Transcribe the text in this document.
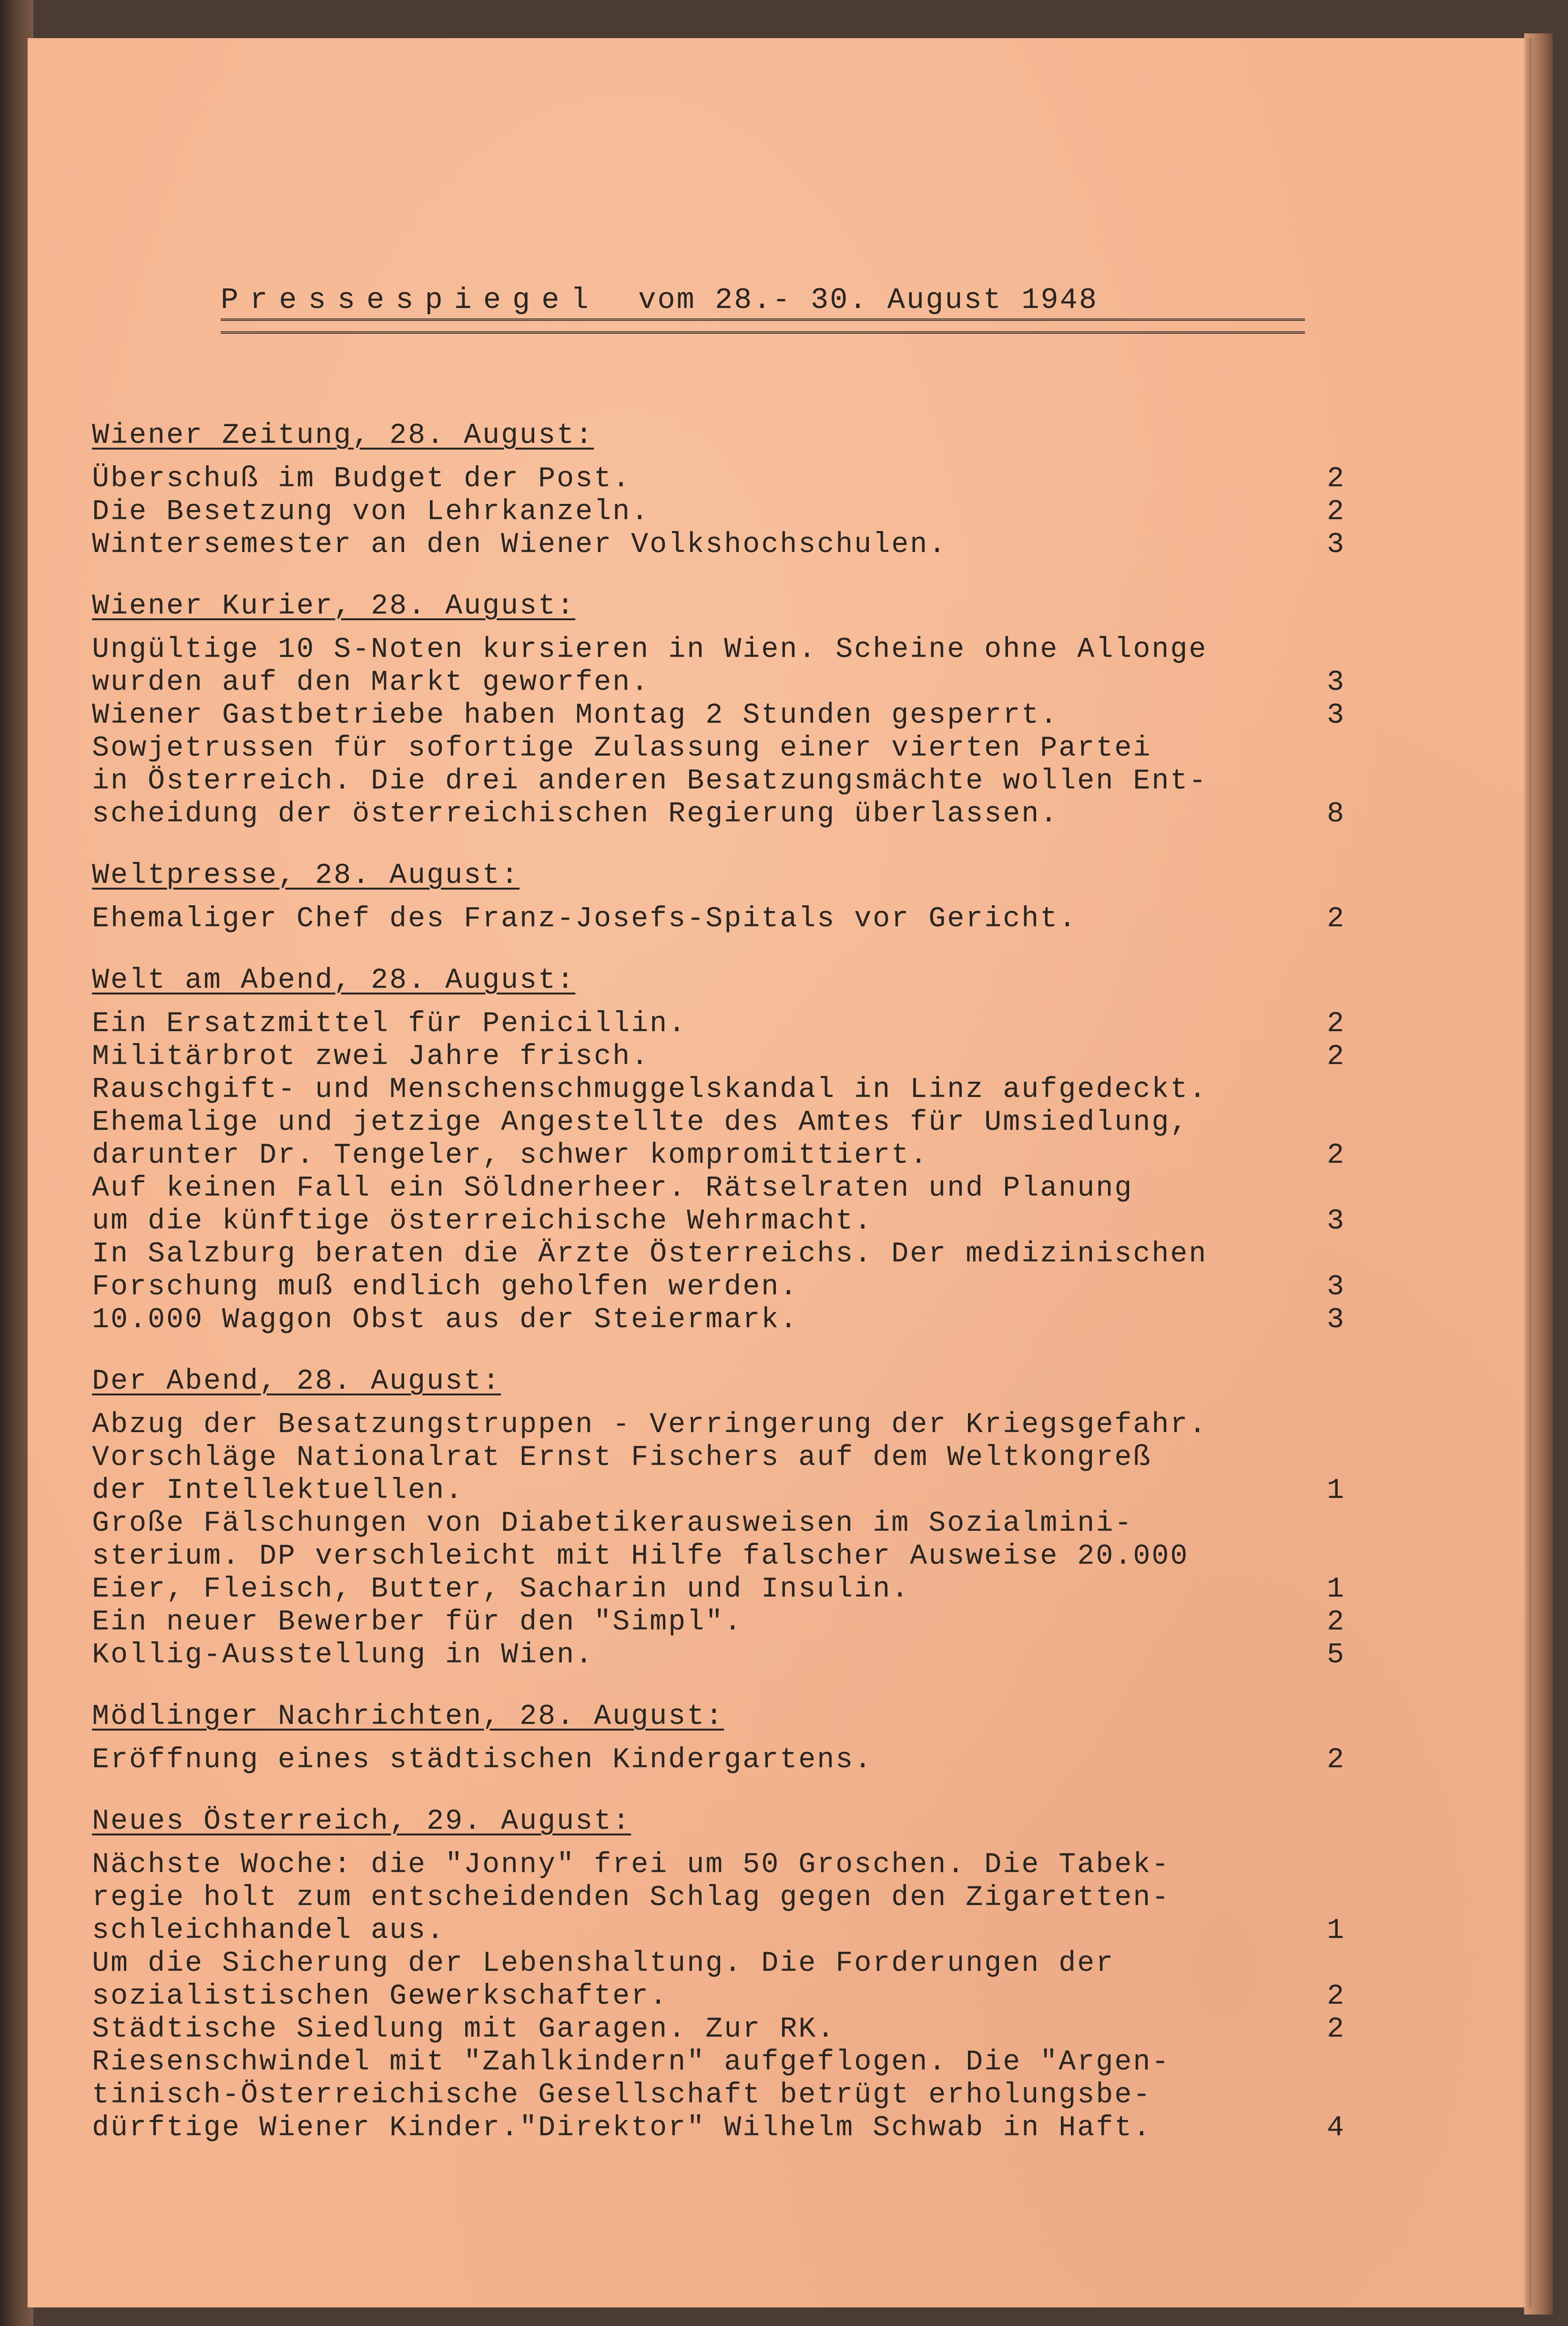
Pressespiegel vom 28.- 30. August 1948
Wiener Zeitung, 28. August:
Überschuß im Budget der Post.	2
Die Besetzung von Lehrkanzeln.	2
Wintersemester an den Wiener Volkshochschulen.	3
Wiener Kurier, 28. August:
Ungültige 10 S-Noten kursieren in Wien. Scheine ohne Allonge
wurden auf den Markt geworfen.	3
Wiener Gastbetriebe haben Montag 2 Stunden gesperrt.	3
Sowjetrussen für sofortige Zulassung einer vierten Partei
in Österreich. Die drei anderen Besatzungsmächte wollen Ent-
scheidung der österreichischen Regierung überlassen.	8
Weltpresse, 28. August:
Ehemaliger Chef des Franz-Josefs-Spitals vor Gericht.	2
Welt am Abend, 28. August:
Ein Ersatzmittel für Penicillin.	2
Militärbrot zwei Jahre frisch.	2
Rauschgift- und Menschenschmuggelskandal in Linz aufgedeckt.
Ehemalige und jetzige Angestellte des Amtes für Umsiedlung,
darunter Dr. Tengeler, schwer kompromittiert.	2
Auf keinen Fall ein Söldnerheer. Rätselraten und Planung
um die künftige österreichische Wehrmacht.	3
In Salzburg beraten die Ärzte Österreichs. Der medizinischen
Forschung muß endlich geholfen werden.	3
10.000 Waggon Obst aus der Steiermark.	3
Der Abend, 28. August:
Abzug der Besatzungstruppen - Verringerung der Kriegsgefahr.
Vorschläge Nationalrat Ernst Fischers auf dem Weltkongreß
der Intellektuellen.	1
Große Fälschungen von Diabetikerausweisen im Sozialmini-
sterium. DP verschleicht mit Hilfe falscher Ausweise 20.000
Eier, Fleisch, Butter, Sacharin und Insulin.	1
Ein neuer Bewerber für den "Simpl".	2
Kollig-Ausstellung in Wien.	5
Mödlinger Nachrichten, 28. August:
Eröffnung eines städtischen Kindergartens.	2
Neues Österreich, 29. August:
Nächste Woche: die "Jonny" frei um 50 Groschen. Die Tabek-
regie holt zum entscheidenden Schlag gegen den Zigaretten-
schleichhandel aus.	1
Um die Sicherung der Lebenshaltung. Die Forderungen der
sozialistischen Gewerkschafter.	2
Städtische Siedlung mit Garagen. Zur RK.	2
Riesenschwindel mit "Zahlkindern" aufgeflogen. Die "Argen-
tinisch-Österreichische Gesellschaft betrügt erholungsbe-
dürftige Wiener Kinder."Direktor" Wilhelm Schwab in Haft.	4
